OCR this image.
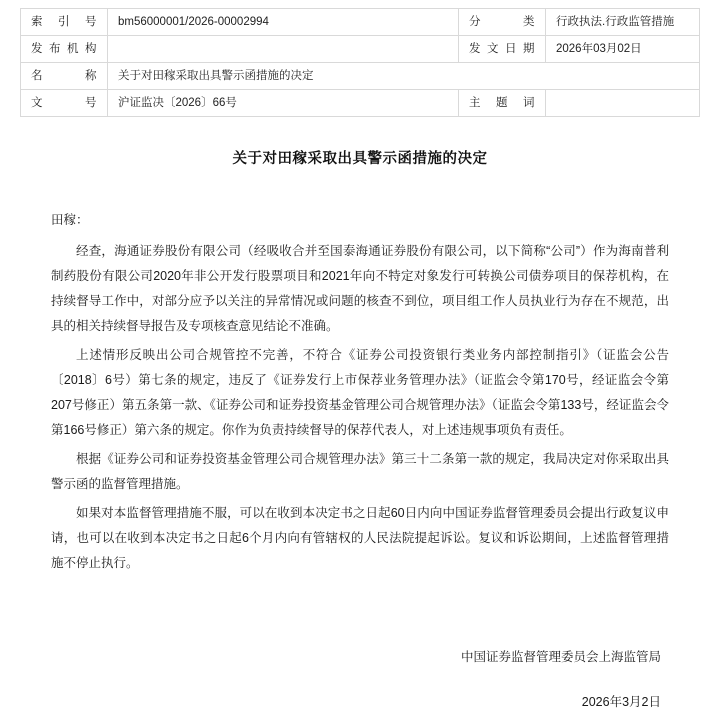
索 引 号	bm56000001/2026-00002994	分　　类	行政执法.行政监管措施
发布机构		发文日期	2026年03月02日
名　　称	关于对田稼采取出具警示函措施的决定		
文　　号	沪证监决〔2026〕66号	主 题 词	
关于对田稼采取出具警示函措施的决定

田稼：

经查，海通证券股份有限公司（经吸收合并至国泰海通证券股份有限公司，以下简称“公司”）作为海南普利制药股份有限公司2020年非公开发行股票项目和2021年向不特定对象发行可转换公司债券项目的保荐机构，在持续督导工作中，对部分应予以关注的异常情况或问题的核查不到位，项目组工作人员执业行为存在不规范，出具的相关持续督导报告及专项核查意见结论不准确。

上述情形反映出公司合规管控不完善，不符合《证券公司投资银行类业务内部控制指引》（证监会公告〔2018〕6号）第七条的规定，违反了《证券发行上市保荐业务管理办法》（证监会令第170号，经证监会令第207号修正）第五条第一款、《证券公司和证券投资基金管理公司合规管理办法》（证监会令第133号，经证监会令第166号修正）第六条的规定。你作为负责持续督导的保荐代表人，对上述违规事项负有责任。

根据《证券公司和证券投资基金管理公司合规管理办法》第三十二条第一款的规定，我局决定对你采取出具警示函的监督管理措施。

如果对本监督管理措施不服，可以在收到本决定书之日起60日内向中国证券监督管理委员会提出行政复议申请，也可以在收到本决定书之日起6个月内向有管辖权的人民法院提起诉讼。复议和诉讼期间，上述监督管理措施不停止执行。

中国证券监督管理委员会上海监管局
2026年3月2日
